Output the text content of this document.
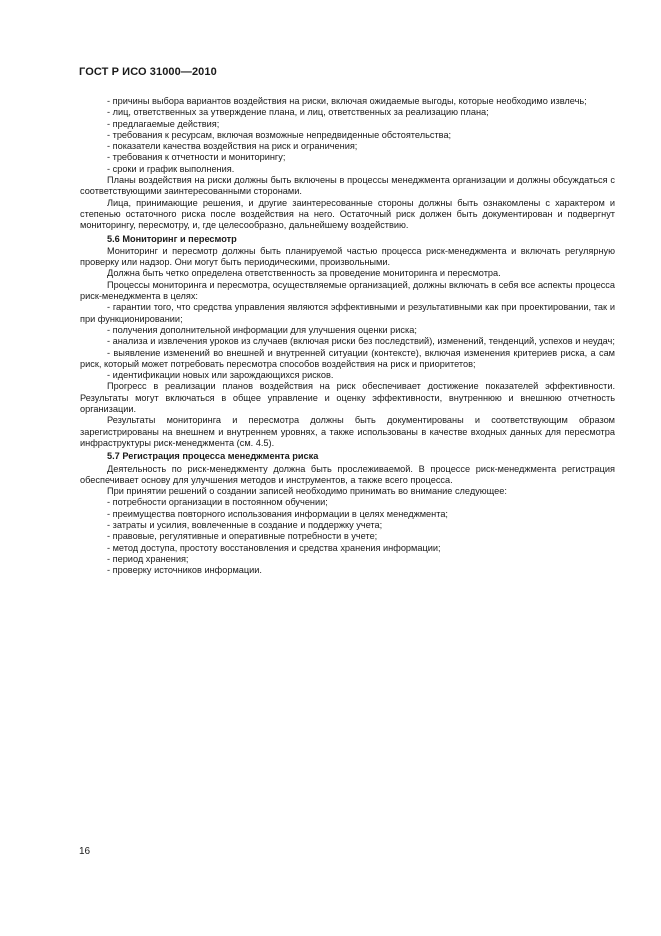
ГОСТ Р ИСО 31000—2010

- причины выбора вариантов воздействия на риски, включая ожидаемые выгоды, которые необходимо извлечь;

- лиц, ответственных за утверждение плана, и лиц, ответственных за реализацию плана;

- предлагаемые действия;

- требования к ресурсам, включая возможные непредвиденные обстоятельства;

- показатели качества воздействия на риск и ограничения;

- требования к отчетности и мониторингу;

- сроки и график выполнения.

Планы воздействия на риски должны быть включены в процессы менеджмента организации и должны обсуждаться с соответствующими заинтересованными сторонами.

Лица, принимающие решения, и другие заинтересованные стороны должны быть ознакомлены с характером и степенью остаточного риска после воздействия на него. Остаточный риск должен быть документирован и подвергнут мониторингу, пересмотру, и, где целесообразно, дальнейшему воздействию.

5.6 Мониторинг и пересмотр

Мониторинг и пересмотр должны быть планируемой частью процесса риск-менеджмента и включать регулярную проверку или надзор. Они могут быть периодическими, произвольными.

Должна быть четко определена ответственность за проведение мониторинга и пересмотра.

Процессы мониторинга и пересмотра, осуществляемые организацией, должны включать в себя все аспекты процесса риск-менеджмента в целях:

- гарантии того, что средства управления являются эффективными и результативными как при проектировании, так и при функционировании;

- получения дополнительной информации для улучшения оценки риска;

- анализа и извлечения уроков из случаев (включая риски без последствий), изменений, тенденций, успехов и неудач;

- выявление изменений во внешней и внутренней ситуации (контексте), включая изменения критериев риска, а сам риск, который может потребовать пересмотра способов воздействия на риск и приоритетов;

- идентификации новых или зарождающихся рисков.

Прогресс в реализации планов воздействия на риск обеспечивает достижение показателей эффективности. Результаты могут включаться в общее управление и оценку эффективности, внутреннюю и внешнюю отчетность организации.

Результаты мониторинга и пересмотра должны быть документированы и соответствующим образом зарегистрированы на внешнем и внутреннем уровнях, а также использованы в качестве входных данных для пересмотра инфраструктуры риск-менеджмента (см. 4.5).

5.7 Регистрация процесса менеджмента риска

Деятельность по риск-менеджменту должна быть прослеживаемой. В процессе риск-менеджмента регистрация обеспечивает основу для улучшения методов и инструментов, а также всего процесса.

При принятии решений о создании записей необходимо принимать во внимание следующее:

- потребности организации в постоянном обучении;

- преимущества повторного использования информации в целях менеджмента;

- затраты и усилия, вовлеченные в создание и поддержку учета;

- правовые, регулятивные и оперативные потребности в учете;

- метод доступа, простоту восстановления и средства хранения информации;

- период хранения;

- проверку источников информации.

16
